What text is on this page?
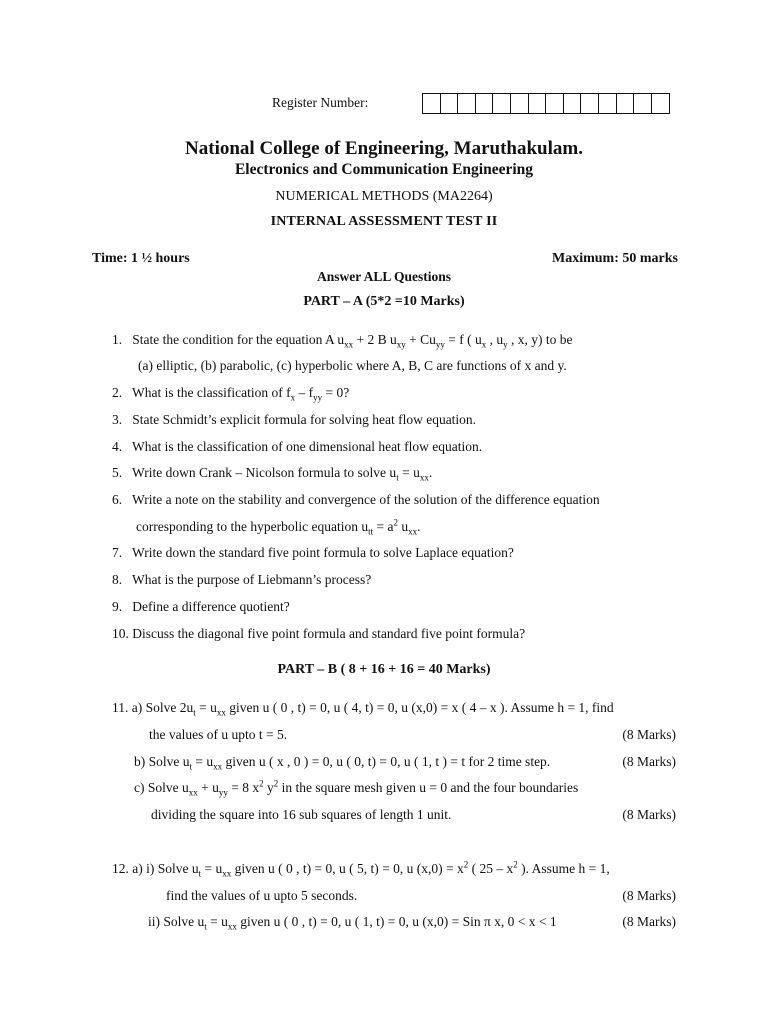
Register Number:
National College of Engineering, Maruthakulam.
Electronics and Communication Engineering
NUMERICAL METHODS (MA2264)
INTERNAL ASSESSMENT TEST II
Time: 1 ½ hours	Maximum: 50 marks
Answer ALL Questions
PART – A (5*2 =10 Marks)
1. State the condition for the equation A $u_{xx} + 2$ B $u_{xy} + Cu_{yy} = f$ ( $u_x$ , $u_y$ , x, y) to be
(a) elliptic, (b) parabolic, (c) hyperbolic where A, B, C are functions of x and y.
2. What is the classification of $f_x - f_{yy} = 0$?
3. State Schmidt’s explicit formula for solving heat flow equation.
4. What is the classification of one dimensional heat flow equation.
5. Write down Crank – Nicolson formula to solve $u_t = u_{xx}$.
6. Write a note on the stability and convergence of the solution of the difference equation
corresponding to the hyperbolic equation $u_{tt} = a^2$ $u_{xx}$.
7. Write down the standard five point formula to solve Laplace equation?
8. What is the purpose of Liebmann’s process?
9. Define a difference quotient?
10. Discuss the diagonal five point formula and standard five point formula?
PART – B ( 8 + 16 + 16 = 40 Marks)
11. a) Solve $2u_t = u_{xx}$ given u ( 0 , t) = 0, u ( 4, t) = 0, u (x,0) = x ( 4 – x ). Assume h = 1, find
the values of u upto t = 5.	(8 Marks)
b) Solve $u_t = u_{xx}$ given u ( x , 0 ) = 0, u ( 0, t) = 0, u ( 1, t ) = t for 2 time step.	(8 Marks)
c) Solve $u_{xx} + u_{yy} = 8$ $x^2$ $y^2$ in the square mesh given u = 0 and the four boundaries
dividing the square into 16 sub squares of length 1 unit.	(8 Marks)
12. a) i) Solve $u_t = u_{xx}$ given u ( 0 , t) = 0, u ( 5, t) = 0, u $(x,0) = x^2$ ( $25 - x^2$ ). Assume h = 1,
find the values of u upto 5 seconds.	(8 Marks)
ii) Solve $u_t = u_{xx}$ given u ( 0 , t) = 0, u ( 1, t) = 0, u (x,0) = Sin π x, 0 < x < 1	(8 Marks)
